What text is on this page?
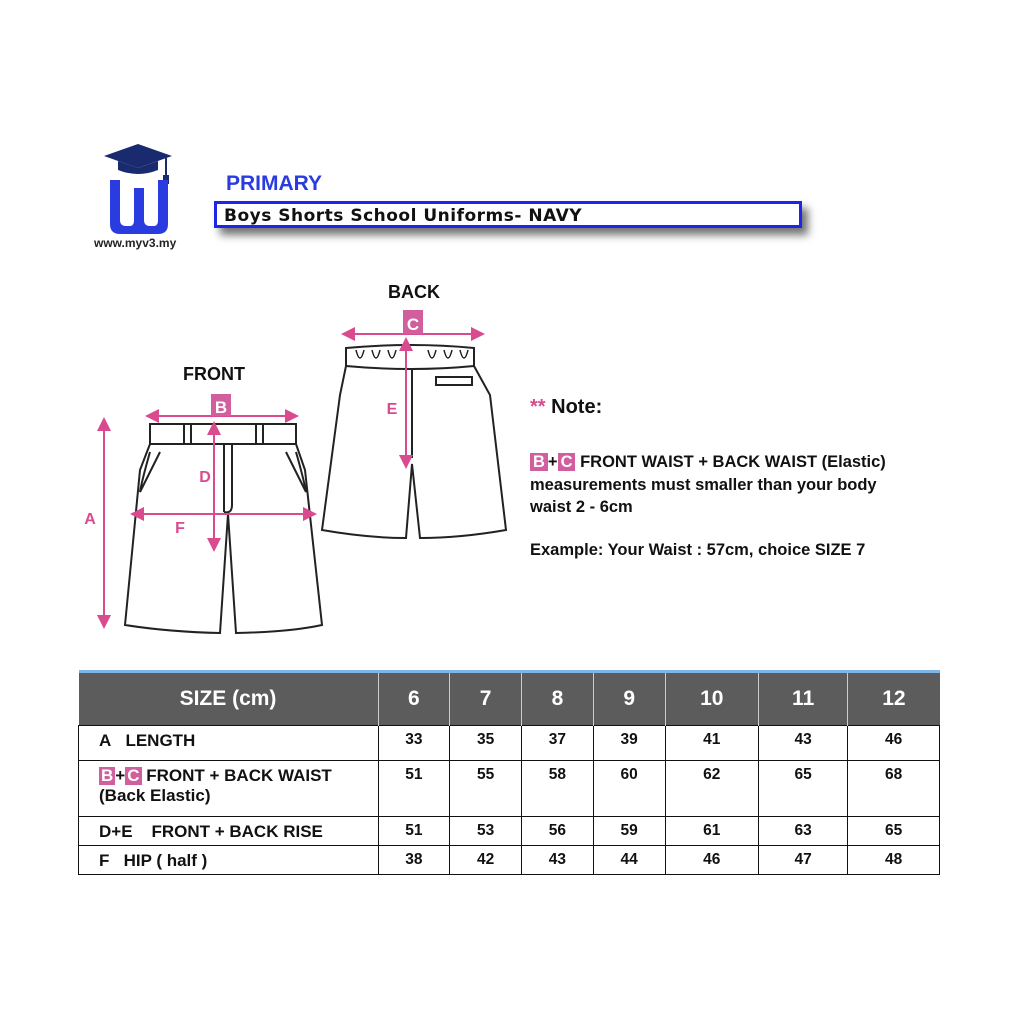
www.myv3.my
PRIMARY
Boys Shorts School Uniforms- NAVY
FRONT
B
D
F
A
BACK
C
E	** Note:
B + C FRONT WAIST + BACK WAIST (Elastic)
measurements must smaller than your body
waist 2 - 6cm
Example: Your Waist : 57cm, choice SIZE 7
SIZE (cm)	6	7	8	9	10	11	12
A LENGTH	33	35	37	39	41	43	46
B + C FRONT + BACK WAIST
(Back Elastic)	51	55	58	60	62	65	68
D+E FRONT + BACK RISE	51	53	56	59	61	63	65
F HIP ( half )	38	42	43	44	46	47	48
